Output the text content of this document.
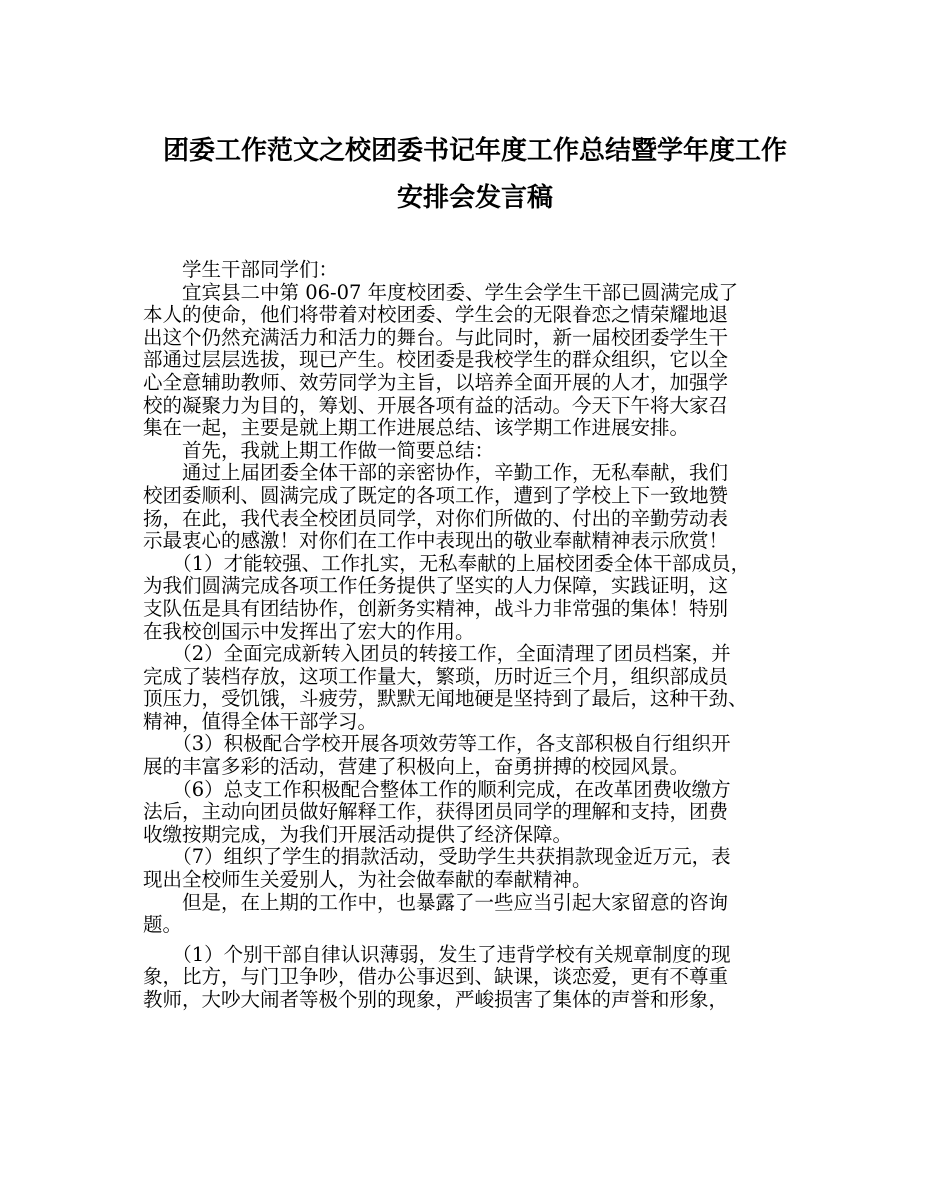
团委工作范文之校团委书记年度工作总结暨学年度工作
安排会发言稿

　　学生干部同学们：

　　宜宾县二中第 06-07 年度校团委、学生会学生干部已圆满完成了
本人的使命，他们将带着对校团委、学生会的无限眷恋之情荣耀地退
出这个仍然充满活力和活力的舞台。与此同时，新一届校团委学生干
部通过层层选拔，现已产生。校团委是我校学生的群众组织，它以全
心全意辅助教师、效劳同学为主旨，以培养全面开展的人才，加强学
校的凝聚力为目的，筹划、开展各项有益的活动。今天下午将大家召
集在一起，主要是就上期工作进展总结、该学期工作进展安排。

　　首先，我就上期工作做一简要总结：

　　通过上届团委全体干部的亲密协作，辛勤工作，无私奉献，我们
校团委顺利、圆满完成了既定的各项工作，遭到了学校上下一致地赞
扬，在此，我代表全校团员同学，对你们所做的、付出的辛勤劳动表
示最衷心的感激！对你们在工作中表现出的敬业奉献精神表示欣赏！

　　（1）才能较强、工作扎实，无私奉献的上届校团委全体干部成员，
为我们圆满完成各项工作任务提供了坚实的人力保障，实践证明，这
支队伍是具有团结协作，创新务实精神，战斗力非常强的集体！特别
在我校创国示中发挥出了宏大的作用。

　　（2）全面完成新转入团员的转接工作，全面清理了团员档案，并
完成了装档存放，这项工作量大，繁琐，历时近三个月，组织部成员
顶压力，受饥饿，斗疲劳，默默无闻地硬是坚持到了最后，这种干劲、
精神，值得全体干部学习。

　　（3）积极配合学校开展各项效劳等工作，各支部积极自行组织开
展的丰富多彩的活动，营建了积极向上，奋勇拼搏的校园风景。

　　（6）总支工作积极配合整体工作的顺利完成，在改革团费收缴方
法后，主动向团员做好解释工作，获得团员同学的理解和支持，团费
收缴按期完成，为我们开展活动提供了经济保障。

　　（7）组织了学生的捐款活动，受助学生共获捐款现金近万元，表
现出全校师生关爱别人，为社会做奉献的奉献精神。

　　但是，在上期的工作中，也暴露了一些应当引起大家留意的咨询
题。

　　（1）个别干部自律认识薄弱，发生了违背学校有关规章制度的现
象，比方，与门卫争吵，借办公事迟到、缺课，谈恋爱，更有不尊重
教师，大吵大闹者等极个别的现象，严峻损害了集体的声誉和形象，
